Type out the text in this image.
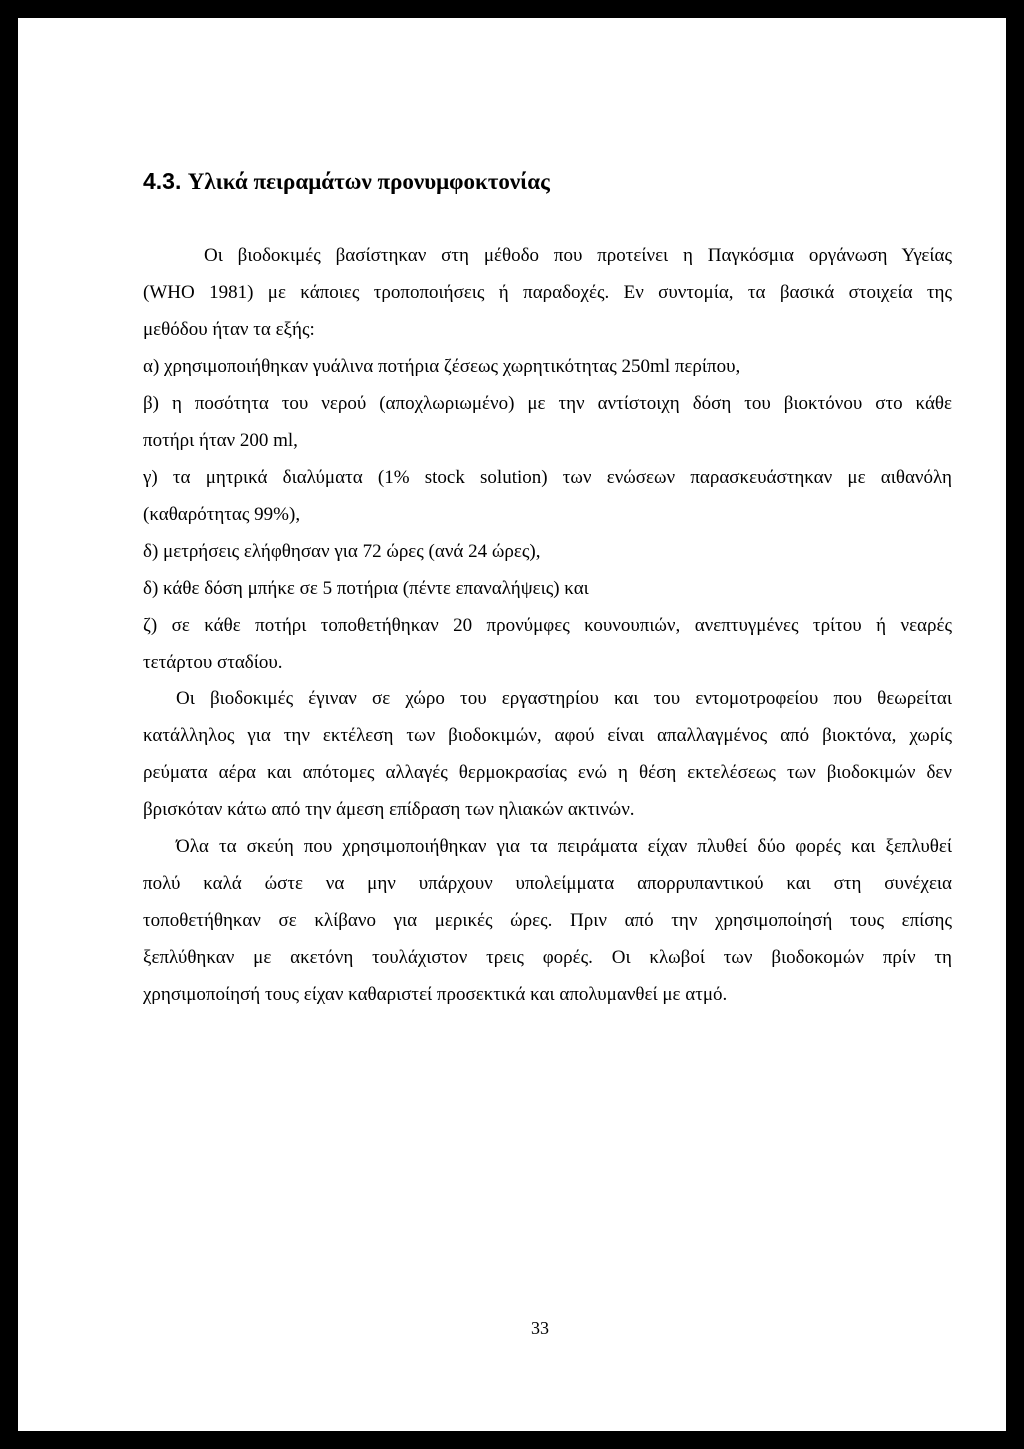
4.3. Υλικά πειραμάτων προνυμφοκτονίας
Οι βιοδοκιμές βασίστηκαν στη μέθοδο που προτείνει η Παγκόσμια οργάνωση Υγείας
(WHO 1981) με κάποιες τροποποιήσεις ή παραδοχές. Εν συντομία, τα βασικά στοιχεία της
μεθόδου ήταν τα εξής:
α) χρησιμοποιήθηκαν γυάλινα ποτήρια ζέσεως χωρητικότητας 250ml περίπου,
β) η ποσότητα του νερού (αποχλωριωμένο) με την αντίστοιχη δόση του βιοκτόνου στο κάθε
ποτήρι ήταν 200 ml,
γ) τα μητρικά διαλύματα (1% stock solution) των ενώσεων παρασκευάστηκαν με αιθανόλη
(καθαρότητας 99%),
δ) μετρήσεις ελήφθησαν για 72 ώρες (ανά 24 ώρες),
δ) κάθε δόση μπήκε σε 5 ποτήρια (πέντε επαναλήψεις) και
ζ) σε κάθε ποτήρι τοποθετήθηκαν 20 προνύμφες κουνουπιών, ανεπτυγμένες τρίτου ή νεαρές
τετάρτου σταδίου.
Οι βιοδοκιμές έγιναν σε χώρο του εργαστηρίου και του εντομοτροφείου που θεωρείται
κατάλληλος για την εκτέλεση των βιοδοκιμών, αφού είναι απαλλαγμένος από βιοκτόνα, χωρίς
ρεύματα αέρα και απότομες αλλαγές θερμοκρασίας ενώ η θέση εκτελέσεως των βιοδοκιμών δεν
βρισκόταν κάτω από την άμεση επίδραση των ηλιακών ακτινών.
Όλα τα σκεύη που χρησιμοποιήθηκαν για τα πειράματα είχαν πλυθεί δύο φορές και ξεπλυθεί
πολύ καλά ώστε να μην υπάρχουν υπολείμματα απορρυπαντικού και στη συνέχεια
τοποθετήθηκαν σε κλίβανο για μερικές ώρες. Πριν από την χρησιμοποίησή τους επίσης
ξεπλύθηκαν με ακετόνη τουλάχιστον τρεις φορές. Οι κλωβοί των βιοδοκομών πρίν τη
χρησιμοποίησή τους είχαν καθαριστεί προσεκτικά και απολυμανθεί με ατμό.
33
